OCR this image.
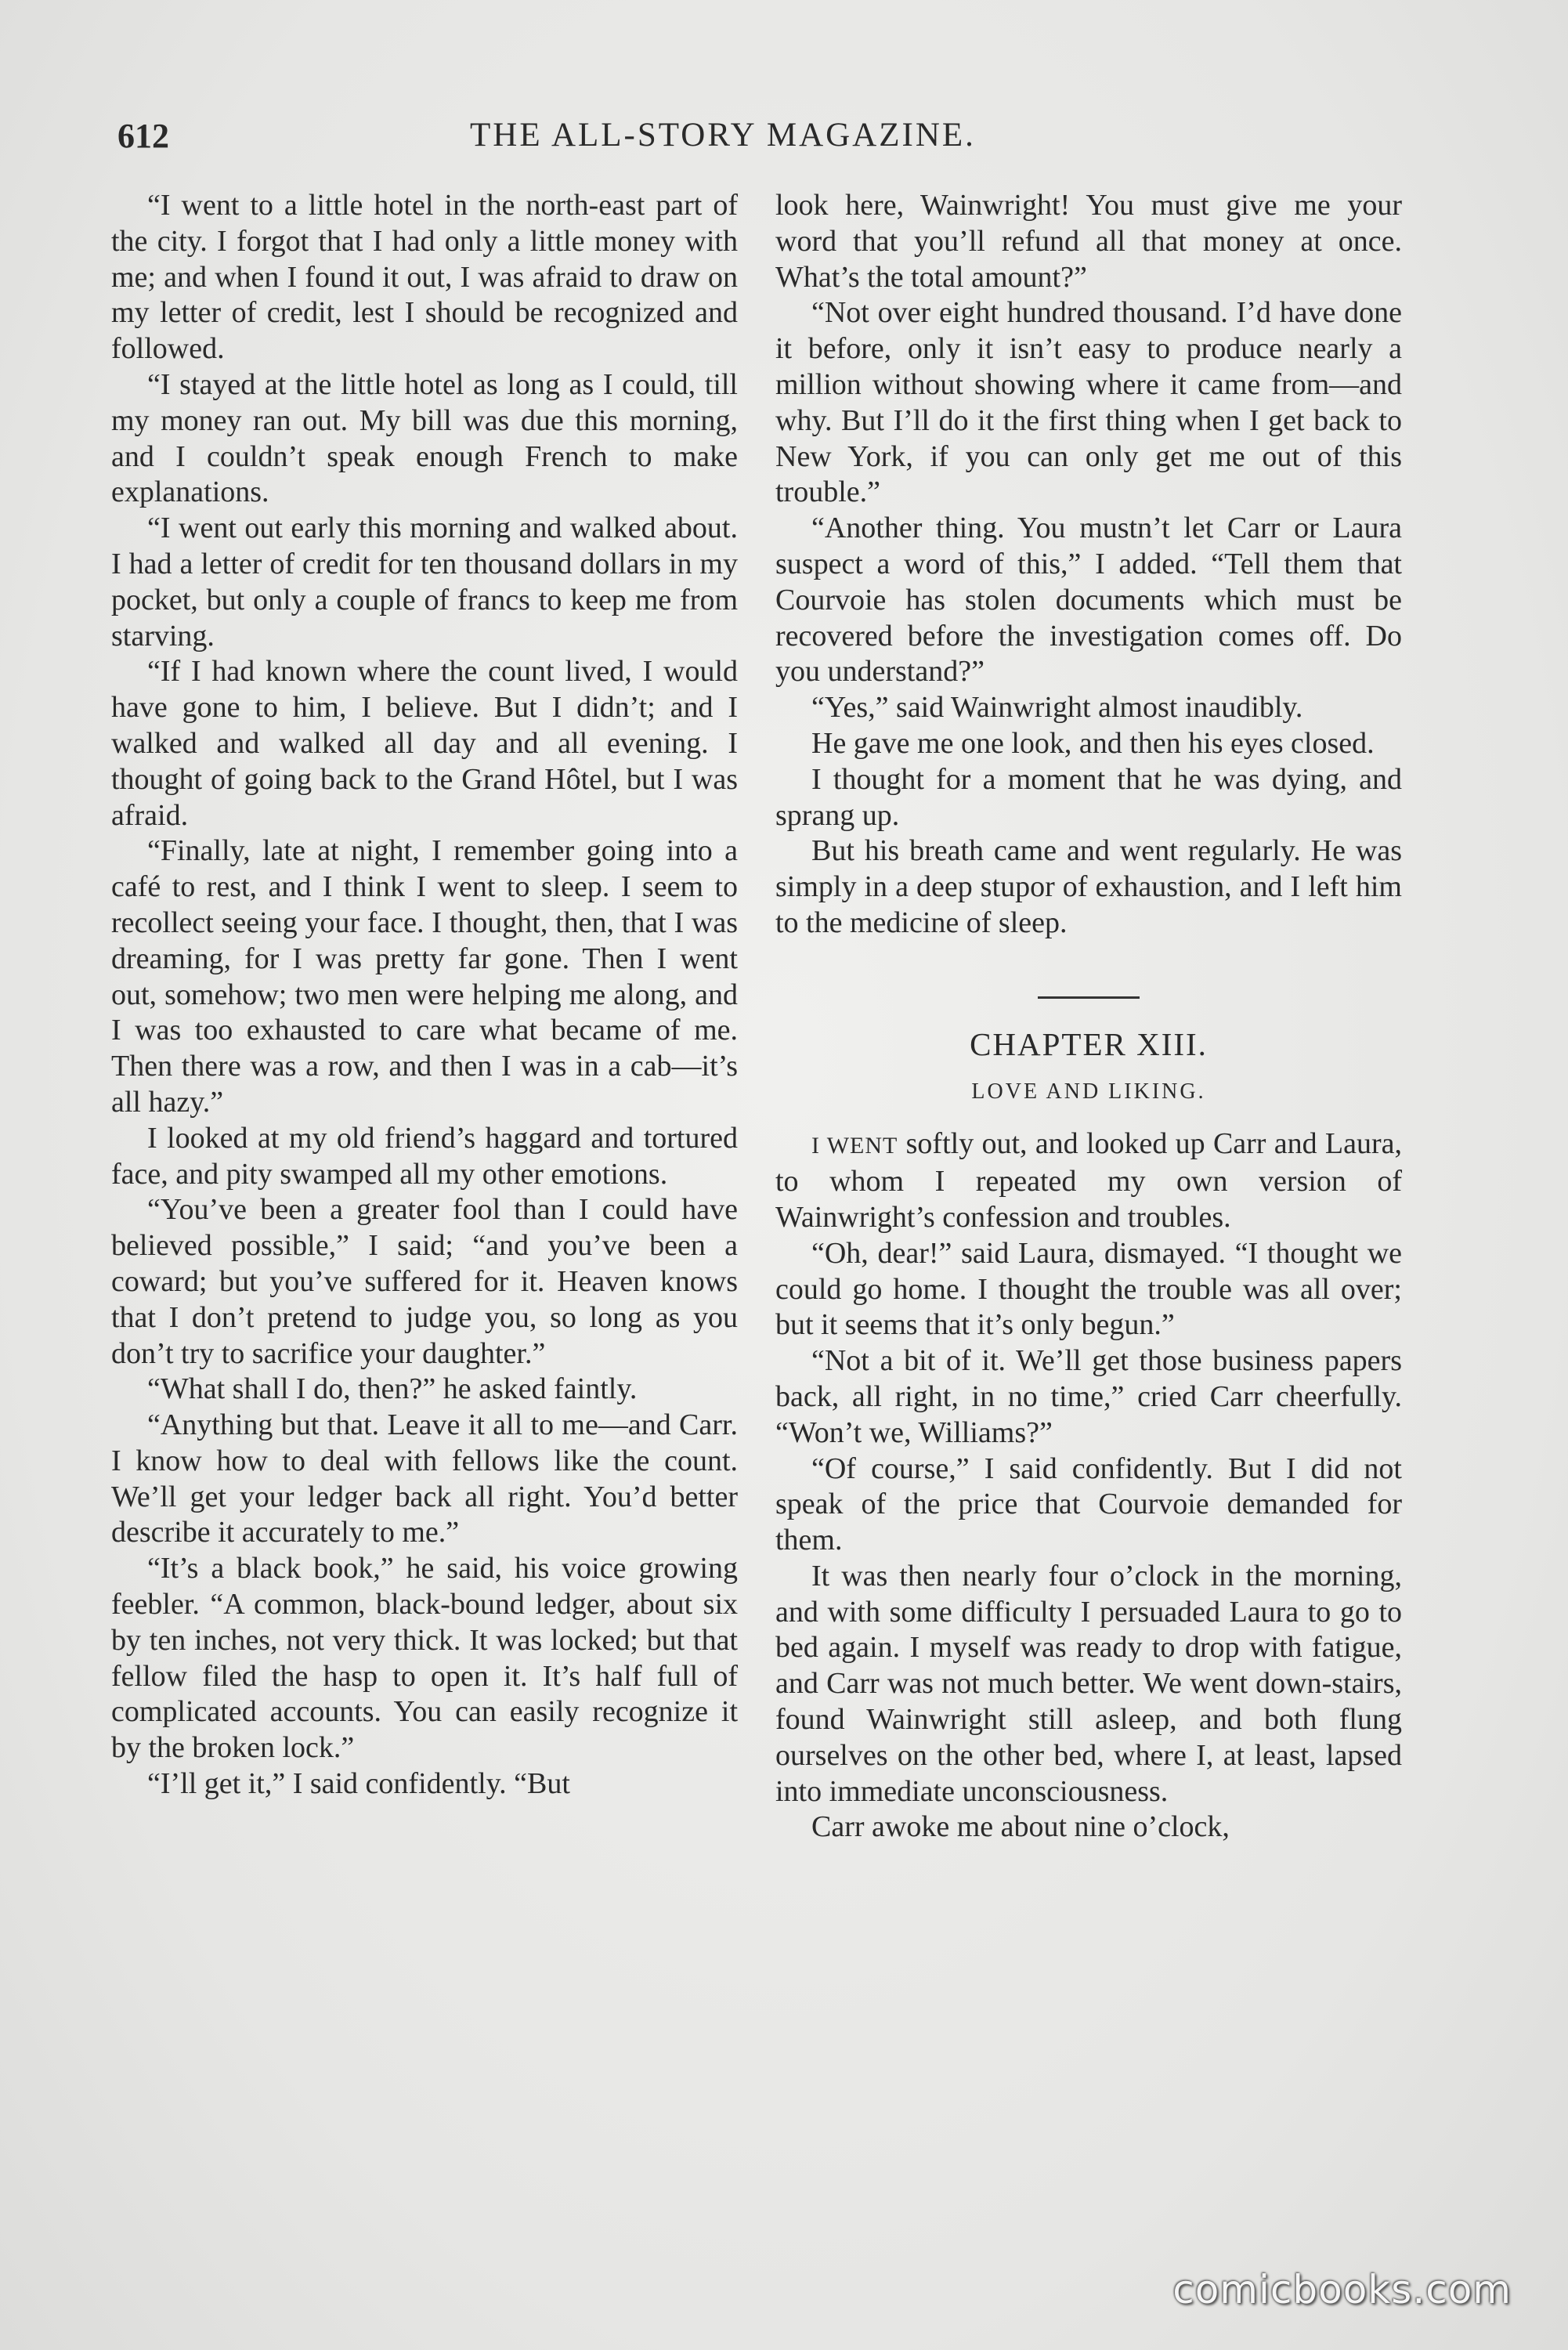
612	THE ALL-STORY MAGAZINE.

“I went to a little hotel in the north-east part of the city. I forgot that I had only a little money with me; and when I found it out, I was afraid to draw on my letter of credit, lest I should be recognized and followed.

“I stayed at the little hotel as long as I could, till my money ran out. My bill was due this morning, and I couldn’t speak enough French to make explanations.

“I went out early this morning and walked about. I had a letter of credit for ten thousand dollars in my pocket, but only a couple of francs to keep me from starving.

“If I had known where the count lived, I would have gone to him, I believe. But I didn’t; and I walked and walked all day and all evening. I thought of going back to the Grand Hôtel, but I was afraid.

“Finally, late at night, I remember going into a café to rest, and I think I went to sleep. I seem to recollect seeing your face. I thought, then, that I was dreaming, for I was pretty far gone. Then I went out, somehow; two men were helping me along, and I was too exhausted to care what became of me. Then there was a row, and then I was in a cab—it’s all hazy.”

I looked at my old friend’s haggard and tortured face, and pity swamped all my other emotions.

“You’ve been a greater fool than I could have believed possible,” I said; “and you’ve been a coward; but you’ve suffered for it. Heaven knows that I don’t pretend to judge you, so long as you don’t try to sacrifice your daughter.”

“What shall I do, then?” he asked faintly.

“Anything but that. Leave it all to me—and Carr. I know how to deal with fellows like the count. We’ll get your ledger back all right. You’d better describe it accurately to me.”

“It’s a black book,” he said, his voice growing feebler. “A common, black-bound ledger, about six by ten inches, not very thick. It was locked; but that fellow filed the hasp to open it. It’s half full of complicated accounts. You can easily recognize it by the broken lock.”

“I’ll get it,” I said confidently. “But

look here, Wainwright! You must give me your word that you’ll refund all that money at once. What’s the total amount?”

“Not over eight hundred thousand. I’d have done it before, only it isn’t easy to produce nearly a million without showing where it came from—and why. But I’ll do it the first thing when I get back to New York, if you can only get me out of this trouble.”

“Another thing. You mustn’t let Carr or Laura suspect a word of this,” I added. “Tell them that Courvoie has stolen documents which must be recovered before the investigation comes off. Do you understand?”

“Yes,” said Wainwright almost inaudibly.

He gave me one look, and then his eyes closed.

I thought for a moment that he was dying, and sprang up.

But his breath came and went regularly. He was simply in a deep stupor of exhaustion, and I left him to the medicine of sleep.

CHAPTER XIII.
LOVE AND LIKING.

I WENT softly out, and looked up Carr and Laura, to whom I repeated my own version of Wainwright’s confession and troubles.

“Oh, dear!” said Laura, dismayed. “I thought we could go home. I thought the trouble was all over; but it seems that it’s only begun.”

“Not a bit of it. We’ll get those business papers back, all right, in no time,” cried Carr cheerfully. “Won’t we, Williams?”

“Of course,” I said confidently. But I did not speak of the price that Courvoie demanded for them.

It was then nearly four o’clock in the morning, and with some difficulty I persuaded Laura to go to bed again. I myself was ready to drop with fatigue, and Carr was not much better. We went down-stairs, found Wainwright still asleep, and both flung ourselves on the other bed, where I, at least, lapsed into immediate unconsciousness.

Carr awoke me about nine o’clock,

comicbooks.com
